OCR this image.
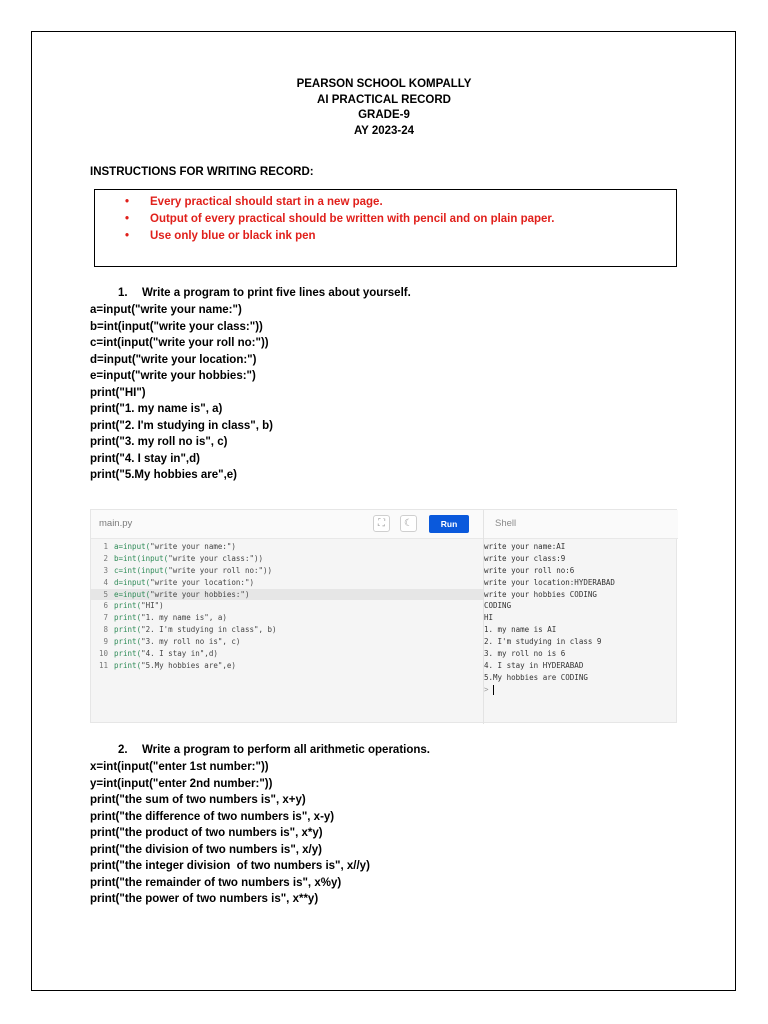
PEARSON SCHOOL KOMPALLY
AI PRACTICAL RECORD
GRADE-9
AY 2023-24
INSTRUCTIONS FOR WRITING RECORD:
• Every practical should start in a new page.
• Output of every practical should be written with pencil and on plain paper.
• Use only blue or black ink pen
1. Write a program to print five lines about yourself.
a=input("write your name:")
b=int(input("write your class:"))
c=int(input("write your roll no:"))
d=input("write your location:")
e=input("write your hobbies:")
print("HI")
print("1. my name is", a)
print("2. I'm studying in class", b)
print("3. my roll no is", c)
print("4. I stay in",d)
print("5.My hobbies are",e)
main.py	⛶	☾	Run	Shell
1 a=input("write your name:")
2 b=int(input("write your class:"))
3 c=int(input("write your roll no:"))
4 d=input("write your location:")
5 e=input("write your hobbies:")
6 print("HI")
7 print("1. my name is", a)
8 print("2. I'm studying in class", b)
9 print("3. my roll no is", c)
10 print("4. I stay in",d)
11 print("5.My hobbies are",e)
write your name:AI
write your class:9
write your roll no:6
write your location:HYDERABAD
write your hobbies CODING
CODING
HI
1. my name is AI
2. I'm studying in class 9
3. my roll no is 6
4. I stay in HYDERABAD
5.My hobbies are CODING
>
2. Write a program to perform all arithmetic operations.
x=int(input("enter 1st number:"))
y=int(input("enter 2nd number:"))
print("the sum of two numbers is", x+y)
print("the difference of two numbers is", x-y)
print("the product of two numbers is", x*y)
print("the division of two numbers is", x/y)
print("the integer division  of two numbers is", x//y)
print("the remainder of two numbers is", x%y)
print("the power of two numbers is", x**y)
